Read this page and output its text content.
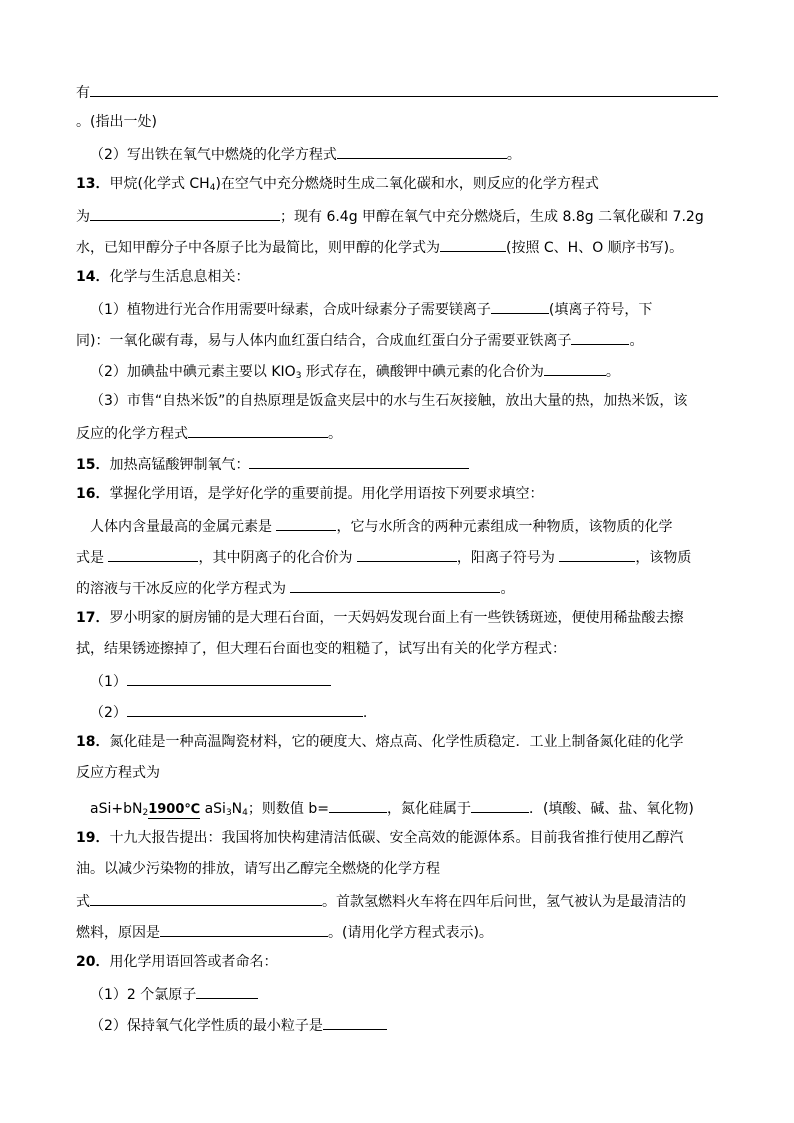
有
。(指出一处)
（2）写出铁在氧气中燃烧的化学方程式	。
13．甲烷(化学式 $CH_4$)在空气中充分燃烧时生成二氧化碳和水，则反应的化学方程式
为	；现有 6.4g 甲醇在氧气中充分燃烧后，生成 8.8g 二氧化碳和 7.2g
水，已知甲醇分子中各原子比为最简比，则甲醇的化学式为	(按照 C、H、O 顺序书写)。
14．化学与生活息息相关：
（1）植物进行光合作用需要叶绿素，合成叶绿素分子需要镁离子	(填离子符号，下
同)：一氧化碳有毒，易与人体内血红蛋白结合，合成血红蛋白分子需要亚铁离子	。
（2）加碘盐中碘元素主要以 $KIO_3$ 形式存在，碘酸钾中碘元素的化合价为	。
（3）市售“自热米饭”的自热原理是饭盒夹层中的水与生石灰接触，放出大量的热，加热米饭，该
反应的化学方程式	。
15．加热高锰酸钾制氧气：
16．掌握化学用语，是学好化学的重要前提。用化学用语按下列要求填空：
人体内含量最高的金属元素是	，它与水所含的两种元素组成一种物质，该物质的化学
式是	，其中阴离子的化合价为	，阳离子符号为	，该物质
的溶液与干冰反应的化学方程式为	。
17．罗小明家的厨房铺的是大理石台面，一天妈妈发现台面上有一些铁锈斑迹，便使用稀盐酸去擦
拭，结果锈迹擦掉了，但大理石台面也变的粗糙了，试写出有关的化学方程式：
（1）
（2）	.
18．氮化硅是一种高温陶瓷材料，它的硬度大、熔点高、化学性质稳定．工业上制备氮化硅的化学
反应方程式为
$aSi+bN_21900℃$ $aSi_3N_4$；则数值 b=	，氮化硅属于	．(填酸、碱、盐、氧化物)
19．十九大报告提出：我国将加快构建清洁低碳、安全高效的能源体系。目前我省推行使用乙醇汽
油。以减少污染物的排放，请写出乙醇完全燃烧的化学方程
式	。首款氢燃料火车将在四年后问世，氢气被认为是最清洁的
燃料，原因是	。(请用化学方程式表示)。
20．用化学用语回答或者命名：
（1）2 个氯原子
（2）保持氧气化学性质的最小粒子是
